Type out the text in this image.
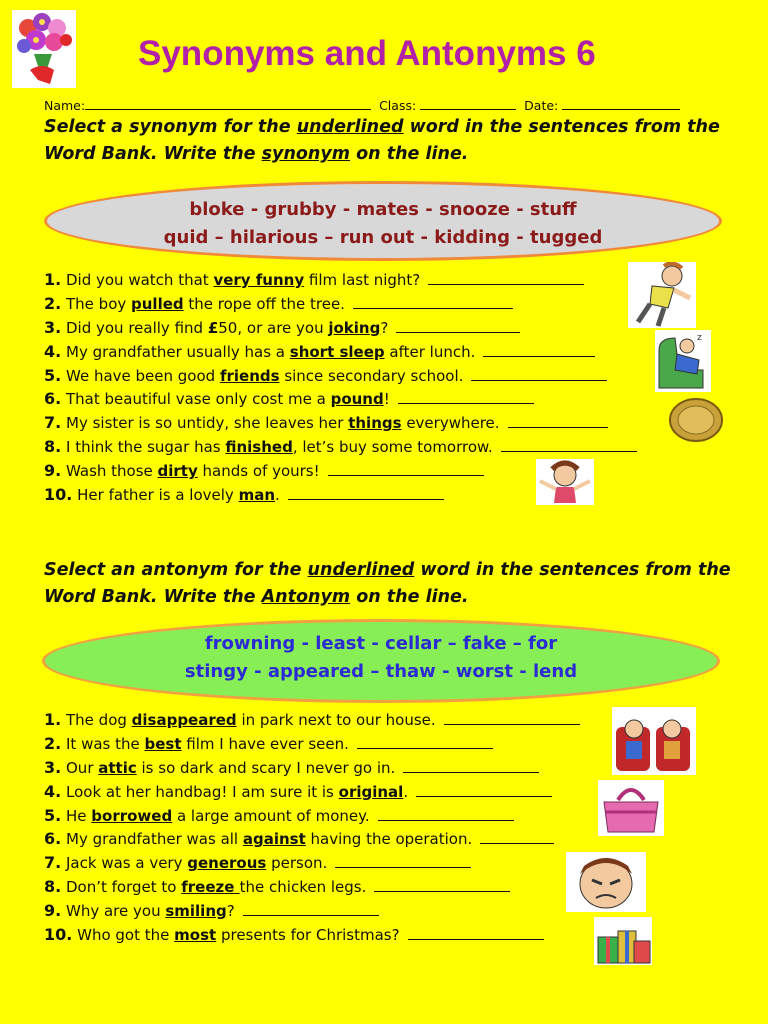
Synonyms and Antonyms 6
Name:	Class:	Date:
Select a synonym for the underlined word in the sentences from the Word Bank. Write the synonym on the line.
bloke - grubby - mates - snooze - stuff
quid – hilarious – run out - kidding - tugged
1. Did you watch that very funny film last night?
2. The boy pulled the rope off the tree.
3. Did you really find £50, or are you joking?
4. My grandfather usually has a short sleep after lunch.
5. We have been good friends since secondary school.
6. That beautiful vase only cost me a pound!
7. My sister is so untidy, she leaves her things everywhere.
8. I think the sugar has finished, let’s buy some tomorrow.
9. Wash those dirty hands of yours!
10. Her father is a lovely man.
Select an antonym for the underlined word in the sentences from the Word Bank. Write the Antonym on the line.
frowning - least - cellar – fake – for
stingy - appeared – thaw - worst - lend
1. The dog disappeared in park next to our house.
2. It was the best film I have ever seen.
3. Our attic is so dark and scary I never go in.
4. Look at her handbag! I am sure it is original.
5. He borrowed a large amount of money.
6. My grandfather was all against having the operation.
7. Jack was a very generous person.
8. Don’t forget to freeze the chicken legs.
9. Why are you smiling?
10. Who got the most presents for Christmas?
z
